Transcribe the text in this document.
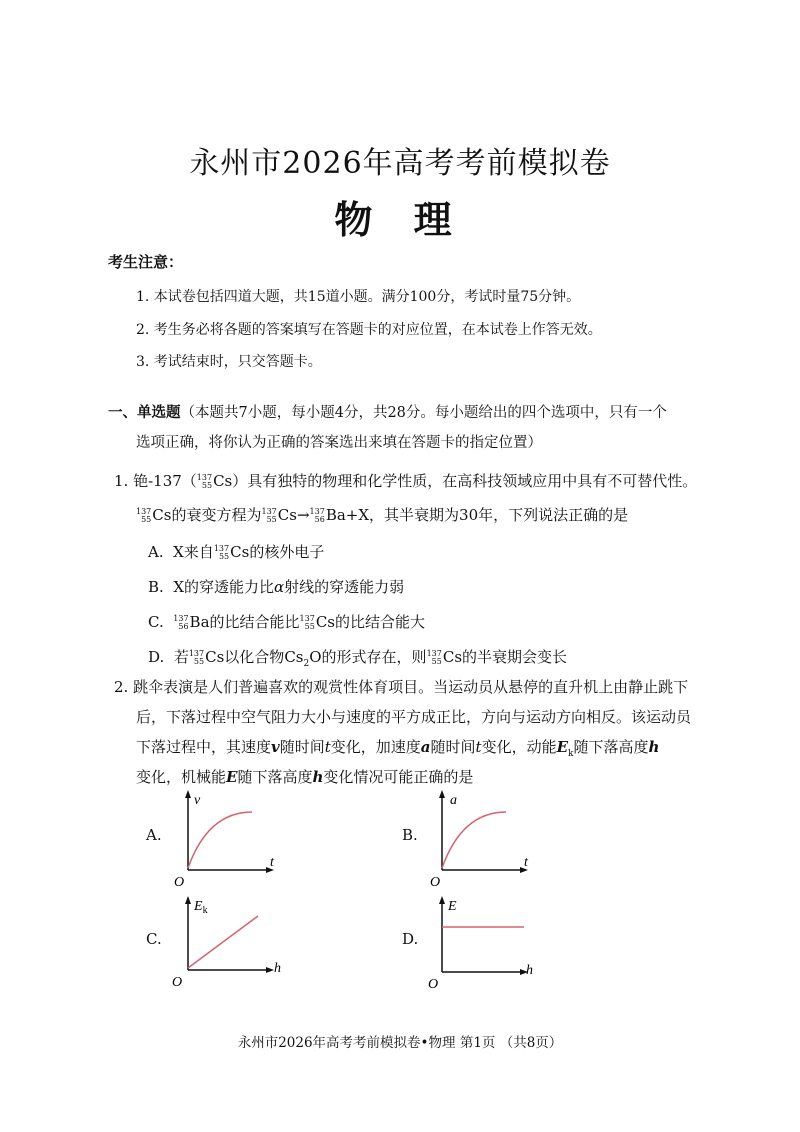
永州市2026年高考考前模拟卷
物 理
考生注意：
1. 本试卷包括四道大题，共15道小题。满分100分，考试时量75分钟。
2. 考生务必将各题的答案填写在答题卡的对应位置，在本试卷上作答无效。
3. 考试结束时，只交答题卡。
一、单选题（本题共7小题，每小题4分，共28分。每小题给出的四个选项中，只有一个
选项正确，将你认为正确的答案选出来填在答题卡的指定位置）
1. 铯-137（ 137
55 Cs）具有独特的物理和化学性质，在高科技领域应用中具有不可替代性。
137
55 Cs的衰变方程为 137
55 Cs→ 137
56 Ba+X，其半衰期为30年，下列说法正确的是
A. X来自 137
55 Cs的核外电子
B. X的穿透能力比α射线的穿透能力弱
C. 137
56 Ba的比结合能比 137
55 Cs的比结合能大
D. 若 137
55 Cs以化合物$Cs_2O$的形式存在，则 137
55 Cs的半衰期会变长
2. 跳伞表演是人们普遍喜欢的观赏性体育项目。当运动员从悬停的直升机上由静止跳下
后，下落过程中空气阻力大小与速度的平方成正比，方向与运动方向相反。该运动员
下落过程中，其速度v随时间t变化，加速度a随时间t变化，动能$E_k$随下落高度h
变化，机械能E随下落高度h变化情况可能正确的是
A.
v
t
O
B.
a
t
O
C.
$E_k$
h
O
D.
E
h
O
永州市2026年高考考前模拟卷•物理 第1页 （共8页）
